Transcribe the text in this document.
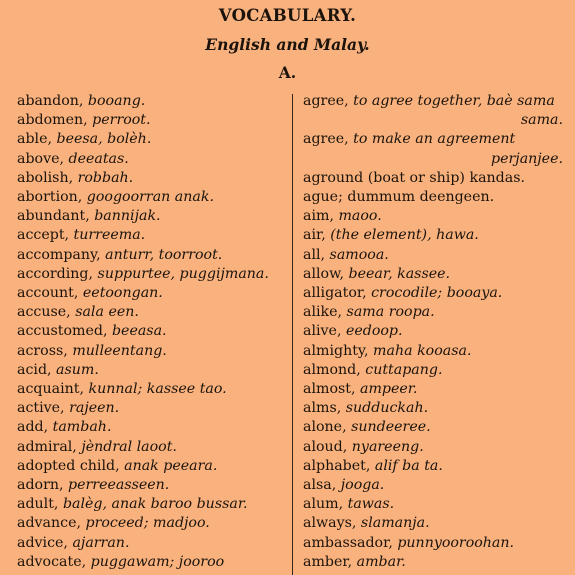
VOCABULARY.
English and Malay.
A.
abandon, booang.
abdomen, perroot.
able, beesa, bolèh.
above, deeatas.
abolish, robbah.
abortion, googoorran anak.
abundant, bannijak.
accept, turreema.
accompany, anturr, toorroot.
according, suppurtee, puggijmana.
account, eetoongan.
accuse, sala een.
accustomed, beeasa.
across, mulleentang.
acid, asum.
acquaint, kunnal; kassee tao.
active, rajeen.
add, tambah.
admiral, jèndral laoot.
adopted child, anak peeara.
adorn, perreeasseen.
adult, balèg, anak baroo bussar.
advance, proceed; madjoo.
advice, ajarran.
advocate, puggawam; jooroo
agree, to agree together, baè sama
sama.
agree, to make an agreement
perjanjee.
aground (boat or ship) kandas.
ague; dummum deengeen.
aim, maoo.
air, (the element), hawa.
all, samooa.
allow, beear, kassee.
alligator, crocodile; booaya.
alike, sama roopa.
alive, eedoop.
almighty, maha kooasa.
almond, cuttapang.
almost, ampeer.
alms, sudduckah.
alone, sundeeree.
aloud, nyareeng.
alphabet, alif ba ta.
alsa, jooga.
alum, tawas.
always, slamanja.
ambassador, punnyooroohan.
amber, ambar.
